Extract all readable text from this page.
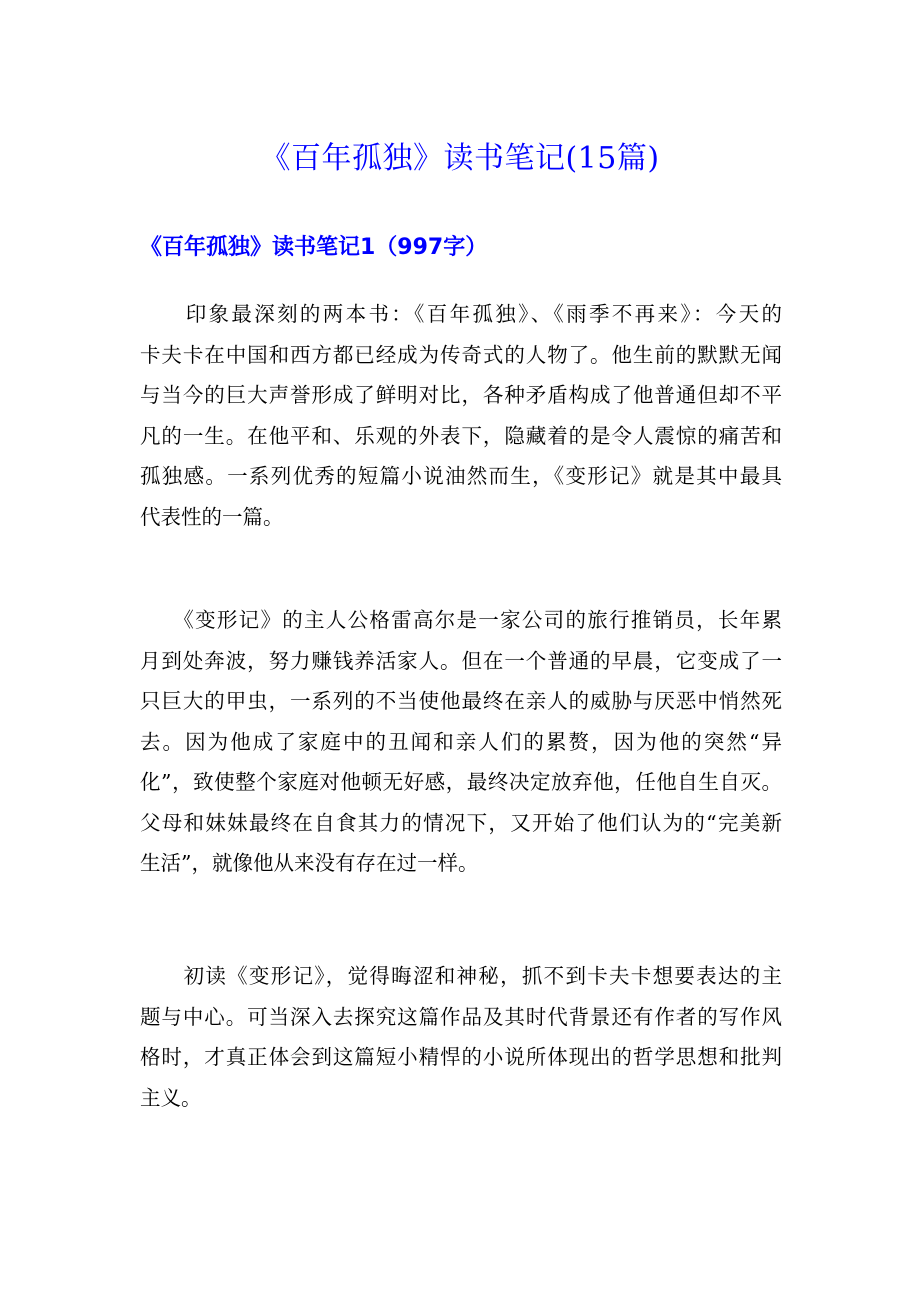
《百年孤独》读书笔记(15篇)
《百年孤独》读书笔记1（997字）
　　印象最深刻的两本书：《百年孤独》、《雨季不再来》：今天的
卡夫卡在中国和西方都已经成为传奇式的人物了。他生前的默默无闻
与当今的巨大声誉形成了鲜明对比，各种矛盾构成了他普通但却不平
凡的一生。在他平和、乐观的外表下，隐藏着的是令人震惊的痛苦和
孤独感。一系列优秀的短篇小说油然而生，《变形记》就是其中最具
代表性的一篇。
　　《变形记》的主人公格雷高尔是一家公司的旅行推销员，长年累
月到处奔波，努力赚钱养活家人。但在一个普通的早晨，它变成了一
只巨大的甲虫，一系列的不当使他最终在亲人的威胁与厌恶中悄然死
去。因为他成了家庭中的丑闻和亲人们的累赘，因为他的突然“异
化”，致使整个家庭对他顿无好感，最终决定放弃他，任他自生自灭。
父母和妹妹最终在自食其力的情况下，又开始了他们认为的“完美新
生活”，就像他从来没有存在过一样。
　　初读《变形记》，觉得晦涩和神秘，抓不到卡夫卡想要表达的主
题与中心。可当深入去探究这篇作品及其时代背景还有作者的写作风
格时，才真正体会到这篇短小精悍的小说所体现出的哲学思想和批判
主义。
